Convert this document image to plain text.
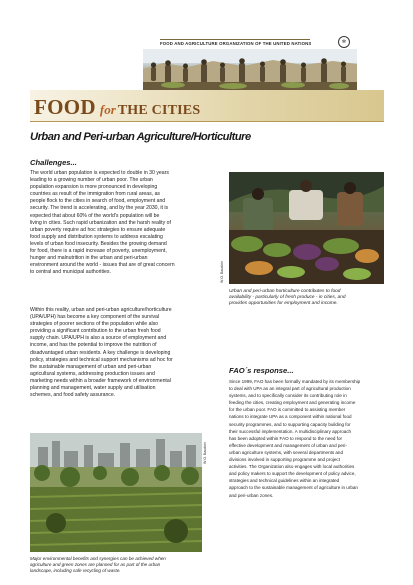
FOOD AND AGRICULTURE ORGANIZATION OF THE UNITED NATIONS	✻
FOOD for THE CITIES
Urban and Peri-urban Agriculture/Horticulture
Challenges...
The world urban population is expected to double in 30 years
leading to a growing number of urban poor. The urban
population expansion is more pronounced in developing
countries as result of the immigration from rural areas, as
people flock to the cities in search of food, employment and
security. The trend is accelerating, and by the year 2030, it is
expected that about 60% of the world's population will be
living in cities. Such rapid urbanization and the harsh reality of
urban poverty require ad hoc strategies to ensure adequate
food supply and distribution systems to address escalating
levels of urban food insecurity. Besides the growing demand
for food, there is a rapid increase of poverty, unemployment,
hunger and malnutrition in the urban and peri-urban
environment around the world - issues that are of great concern
to central and municipal authorities.
Within this reality, urban and peri-urban agriculture/horticulture
(UPA/UPH) has become a key component of the survival
strategies of poorer sections of the population while also
providing a significant contribution to the urban fresh food
supply chain. UPA/UPH is also a source of employment and
income, and has the potential to improve the nutrition of
disadvantaged urban residents. A key challenge is developing
policy, strategies and technical support mechanisms ad hoc for
the sustainable management of urban and peri-urban
agricultural systems, addressing production issues and
marketing needs within a broader framework of environmental
planning and management, water supply and utilisation
schemes, and food safety assurance.
W.O. Baudoin
Urban and peri-urban horticulture contributes to food
availability - particularly of fresh produce - in cities, and
provides opportunities for employment and income.
FAO´s response...
Since 1999, FAO has been formally mandated by its membership
to deal with UPA as an integral part of agricultural production
systems, and to specifically consider its contributing role in
feeding the cities, creating employment and generating income
for the urban poor. FAO is committed to assisting member
nations to integrate UPA as a component within national food
security programmes, and to supporting capacity building for
their successful implementation. A multidisciplinary approach
has been adopted within FAO to respond to the need for
effective development and management of urban and peri-
urban agriculture systems, with several departments and
divisions involved in supporting programme and project
activities. The Organization also engages with local authorities
and policy makers to support the development of policy advice,
strategies and technical guidelines within an integrated
approach to the sustainable management of agriculture in urban
and peri-urban zones.
W.O. Baudoin
Major environmental benefits and synergies can be achieved when
agriculture and green zones are planned for as part of the urban
landscape, including safe recycling of waste.
